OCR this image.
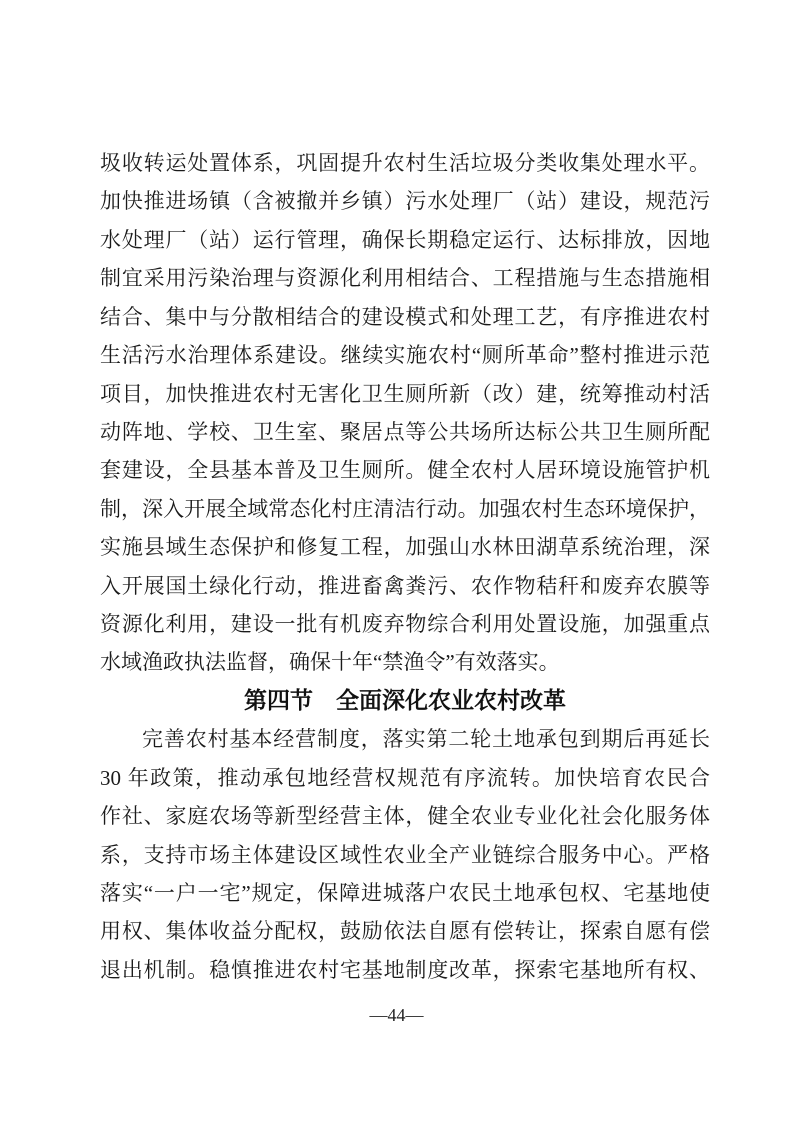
圾收转运处置体系，巩固提升农村生活垃圾分类收集处理水平。
加快推进场镇（含被撤并乡镇）污水处理厂（站）建设，规范污
水处理厂（站）运行管理，确保长期稳定运行、达标排放，因地
制宜采用污染治理与资源化利用相结合、工程措施与生态措施相
结合、集中与分散相结合的建设模式和处理工艺，有序推进农村
生活污水治理体系建设。继续实施农村“厕所革命”整村推进示范
项目，加快推进农村无害化卫生厕所新（改）建，统筹推动村活
动阵地、学校、卫生室、聚居点等公共场所达标公共卫生厕所配
套建设，全县基本普及卫生厕所。健全农村人居环境设施管护机
制，深入开展全域常态化村庄清洁行动。加强农村生态环境保护，
实施县域生态保护和修复工程，加强山水林田湖草系统治理，深
入开展国土绿化行动，推进畜禽粪污、农作物秸秆和废弃农膜等
资源化利用，建设一批有机废弃物综合利用处置设施，加强重点
水域渔政执法监督，确保十年“禁渔令”有效落实。
第四节　全面深化农业农村改革
完善农村基本经营制度，落实第二轮土地承包到期后再延长
30 年政策，推动承包地经营权规范有序流转。加快培育农民合
作社、家庭农场等新型经营主体，健全农业专业化社会化服务体
系，支持市场主体建设区域性农业全产业链综合服务中心。严格
落实“一户一宅”规定，保障进城落户农民土地承包权、宅基地使
用权、集体收益分配权，鼓励依法自愿有偿转让，探索自愿有偿
退出机制。稳慎推进农村宅基地制度改革，探索宅基地所有权、
—44—
